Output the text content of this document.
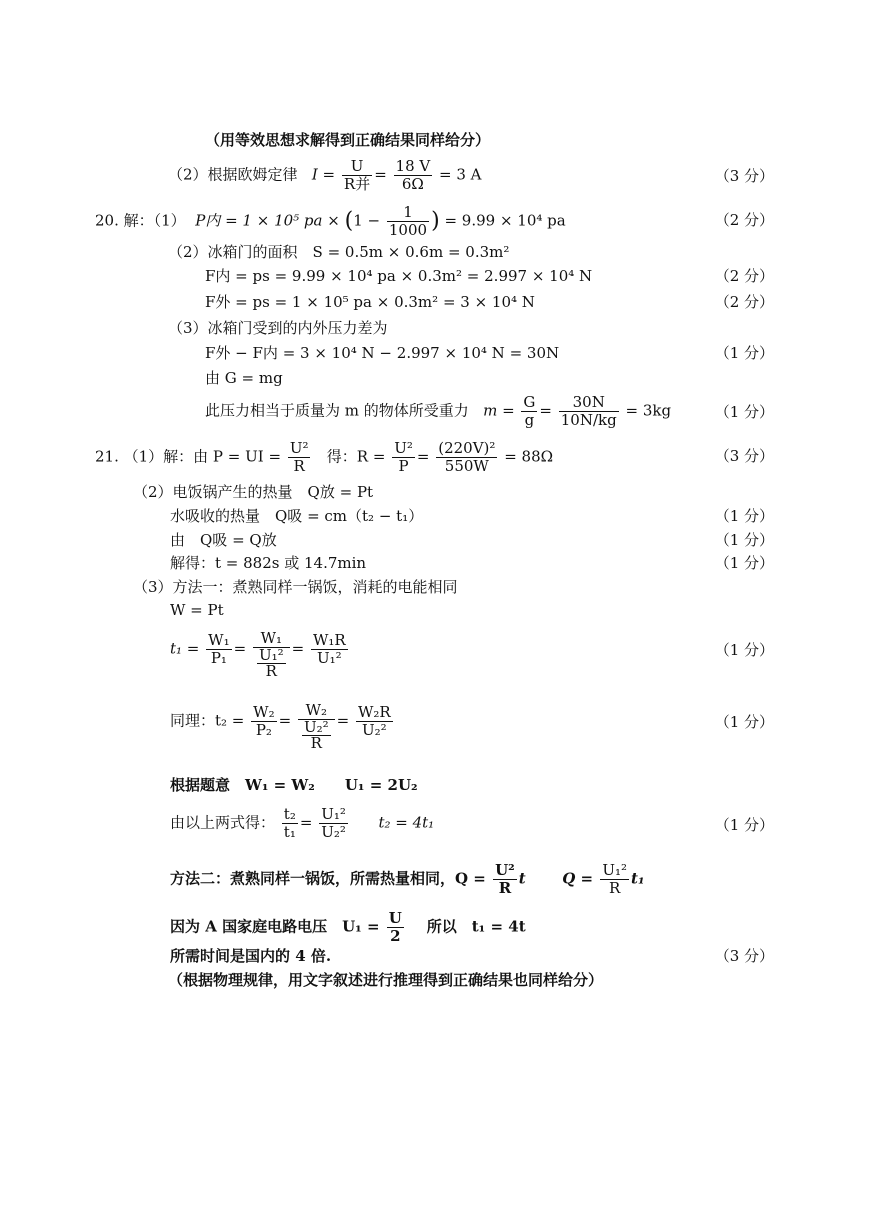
（用等效思想求解得到正确结果同样给分）
（2）根据欧姆定律 $I = \frac{U}{\text{R并}} = \frac{18 V}{6\Omega} = 3$ A	（3 分）
20. 解：（1） P内 = 1 × 10⁵ pa × ($1 - \frac{1}{1000}$ ) = 9.99 × 10⁴ pa	（2 分）
（2）冰箱门的面积　S = 0.5m × 0.6m = 0.3m²
F内 = ps = 9.99 × 10⁴ pa × 0.3m² = 2.997 × 10⁴ N	（2 分）
F外 = ps = 1 × 10⁵ pa × 0.3m² = 3 × 10⁴ N	（2 分）
（3）冰箱门受到的内外压力差为
F外 − F内 = 3 × 10⁴ N − 2.997 × 10⁴ N = 30N	（1 分）
由 G = mg
此压力相当于质量为 m 的物体所受重力 $m = \frac{G}{g} = \frac{30N}{10N/kg} = 3kg$	（1 分）
21. （1）解：由 P = UI = $\frac{\text{U²}}{R}$ 得：$R = \frac{\text{U²}}{P} = \frac{\text{(220V)²}}{550W} = 88\Omega$	（3 分）
（2）电饭锅产生的热量　Q放 = Pt
水吸收的热量　Q吸 = cm（t₂ − t₁）	（1 分）
由　Q吸 = Q放	（1 分）
解得：t = 882s 或 14.7min	（1 分）
（3）方法一：煮熟同样一锅饭，消耗的电能相同
W = Pt
$t_1 = \frac{\text{W₁}}{\text{P₁}} = \frac{\text{W₁}}{\frac{\text{U₁²}}{R}} = \frac{\text{W₁R}}{\text{U₁²}}$	（1 分）
同理：$t_2 = \frac{\text{W₂}}{\text{P₂}} = \frac{\text{W₂}}{\frac{\text{U₂²}}{R}} = \frac{\text{W₂R}}{\text{U₂²}}$	（1 分）
根据题意　W₁ = W₂　　U₁ = 2U₂
由以上两式得： $\frac{\text{t₂}}{\text{t₁}} = \frac{\text{U₁²}}{\text{U₂²}} t_2 = 4t_1$	（1 分）
方法二：煮熟同样一锅饭，所需热量相同，$Q = \frac{\text{U²}}{R}$ t $Q = \frac{\text{U₁²}}{R} t_1$
因为 A 国家庭电路电压　$U_1 = \frac{U}{2}$ 所以　t₁ = 4t
所需时间是国内的 4 倍.	（3 分）
（根据物理规律，用文字叙述进行推理得到正确结果也同样给分）
